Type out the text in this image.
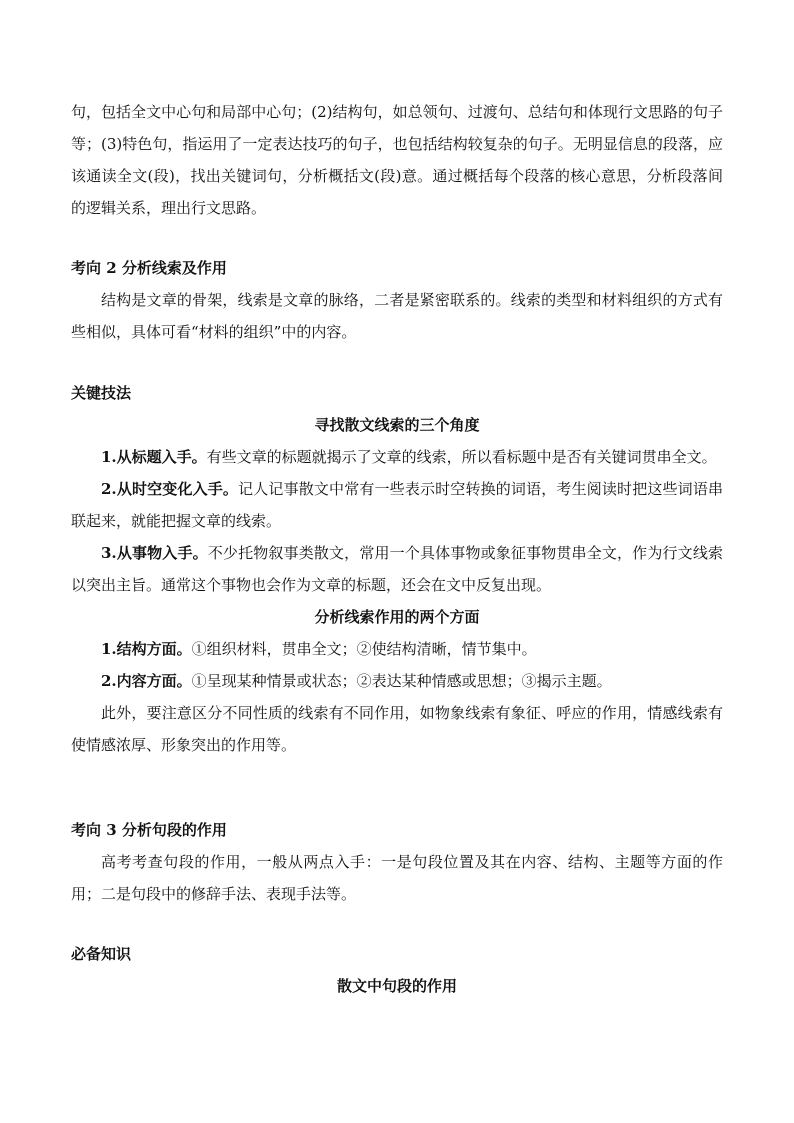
句，包括全文中心句和局部中心句；(2)结构句，如总领句、过渡句、总结句和体现行文思路的句子等；(3)特色句，指运用了一定表达技巧的句子，也包括结构较复杂的句子。无明显信息的段落，应该通读全文(段)，找出关键词句，分析概括文(段)意。通过概括每个段落的核心意思，分析段落间的逻辑关系，理出行文思路。

考向 2 分析线索及作用

结构是文章的骨架，线索是文章的脉络，二者是紧密联系的。线索的类型和材料组织的方式有些相似，具体可看“材料的组织”中的内容。

关键技法

寻找散文线索的三个角度

1.从标题入手。有些文章的标题就揭示了文章的线索，所以看标题中是否有关键词贯串全文。

2.从时空变化入手。记人记事散文中常有一些表示时空转换的词语，考生阅读时把这些词语串联起来，就能把握文章的线索。

3.从事物入手。不少托物叙事类散文，常用一个具体事物或象征事物贯串全文，作为行文线索以突出主旨。通常这个事物也会作为文章的标题，还会在文中反复出现。

分析线索作用的两个方面

1.结构方面。①组织材料，贯串全文；②使结构清晰，情节集中。

2.内容方面。①呈现某种情景或状态；②表达某种情感或思想；③揭示主题。

此外，要注意区分不同性质的线索有不同作用，如物象线索有象征、呼应的作用，情感线索有使情感浓厚、形象突出的作用等。

考向 3 分析句段的作用

高考考查句段的作用，一般从两点入手：一是句段位置及其在内容、结构、主题等方面的作用；二是句段中的修辞手法、表现手法等。

必备知识

散文中句段的作用
